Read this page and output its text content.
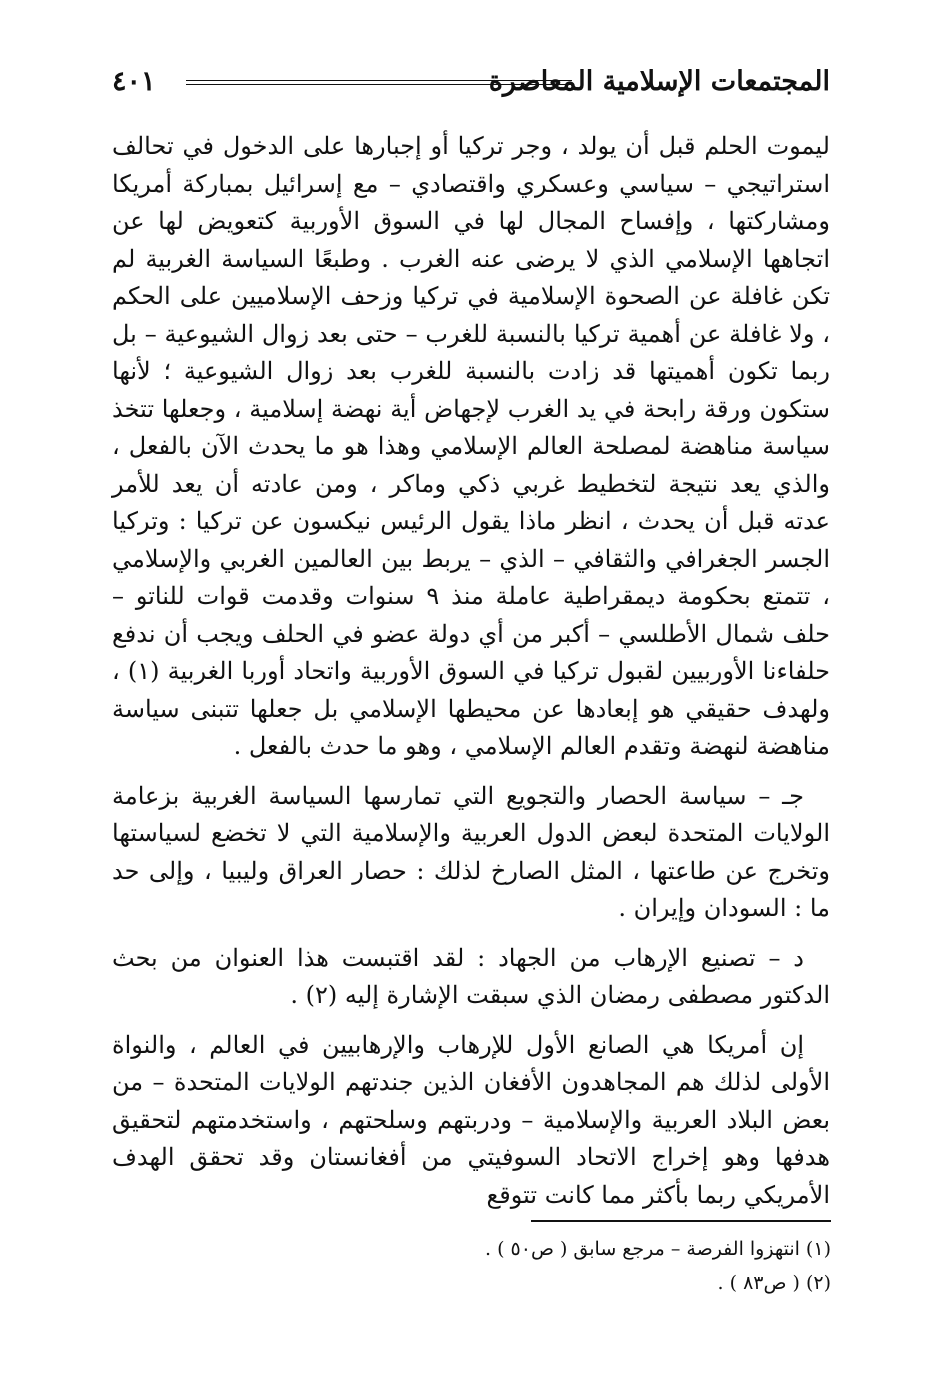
المجتمعات الإسلامية المعاصرة
٤٠١

ليموت الحلم قبل أن يولد ، وجر تركيا أو إجبارها على الدخول في تحالف استراتيجي – سياسي وعسكري واقتصادي – مع إسرائيل بمباركة أمريكا ومشاركتها ، وإفساح المجال لها في السوق الأوربية كتعويض لها عن اتجاهها الإسلامي الذي لا يرضى عنه الغرب . وطبعًا السياسة الغربية لم تكن غافلة عن الصحوة الإسلامية في تركيا وزحف الإسلاميين على الحكم ، ولا غافلة عن أهمية تركيا بالنسبة للغرب – حتى بعد زوال الشيوعية – بل ربما تكون أهميتها قد زادت بالنسبة للغرب بعد زوال الشيوعية ؛ لأنها ستكون ورقة رابحة في يد الغرب لإجهاض أية نهضة إسلامية ، وجعلها تتخذ سياسة مناهضة لمصلحة العالم الإسلامي وهذا هو ما يحدث الآن بالفعل ، والذي يعد نتيجة لتخطيط غربي ذكي وماكر ، ومن عادته أن يعد للأمر عدته قبل أن يحدث ، انظر ماذا يقول الرئيس نيكسون عن تركيا : وتركيا الجسر الجغرافي والثقافي – الذي – يربط بين العالمين الغربي والإسلامي ، تتمتع بحكومة ديمقراطية عاملة منذ ٩ سنوات وقدمت قوات للناتو – حلف شمال الأطلسي – أكبر من أي دولة عضو في الحلف ويجب أن ندفع حلفاءنا الأوربيين لقبول تركيا في السوق الأوربية واتحاد أوربا الغربية (١) ، ولهدف حقيقي هو إبعادها عن محيطها الإسلامي بل جعلها تتبنى سياسة مناهضة لنهضة وتقدم العالم الإسلامي ، وهو ما حدث بالفعل .

جـ – سياسة الحصار والتجويع التي تمارسها السياسة الغربية بزعامة الولايات المتحدة لبعض الدول العربية والإسلامية التي لا تخضع لسياستها وتخرج عن طاعتها ، المثل الصارخ لذلك : حصار العراق وليبيا ، وإلى حد ما : السودان وإيران .

د – تصنيع الإرهاب من الجهاد : لقد اقتبست هذا العنوان من بحث الدكتور مصطفى رمضان الذي سبقت الإشارة إليه (٢) .

إن أمريكا هي الصانع الأول للإرهاب والإرهابيين في العالم ، والنواة الأولى لذلك هم المجاهدون الأفغان الذين جندتهم الولايات المتحدة – من بعض البلاد العربية والإسلامية – ودربتهم وسلحتهم ، واستخدمتهم لتحقيق هدفها وهو إخراج الاتحاد السوفيتي من أفغانستان وقد تحقق الهدف الأمريكي ربما بأكثر مما كانت تتوقع

(١) انتهزوا الفرصة – مرجع سابق ( ص٥٠ ) .

(٢) ( ص٨٣ ) .
